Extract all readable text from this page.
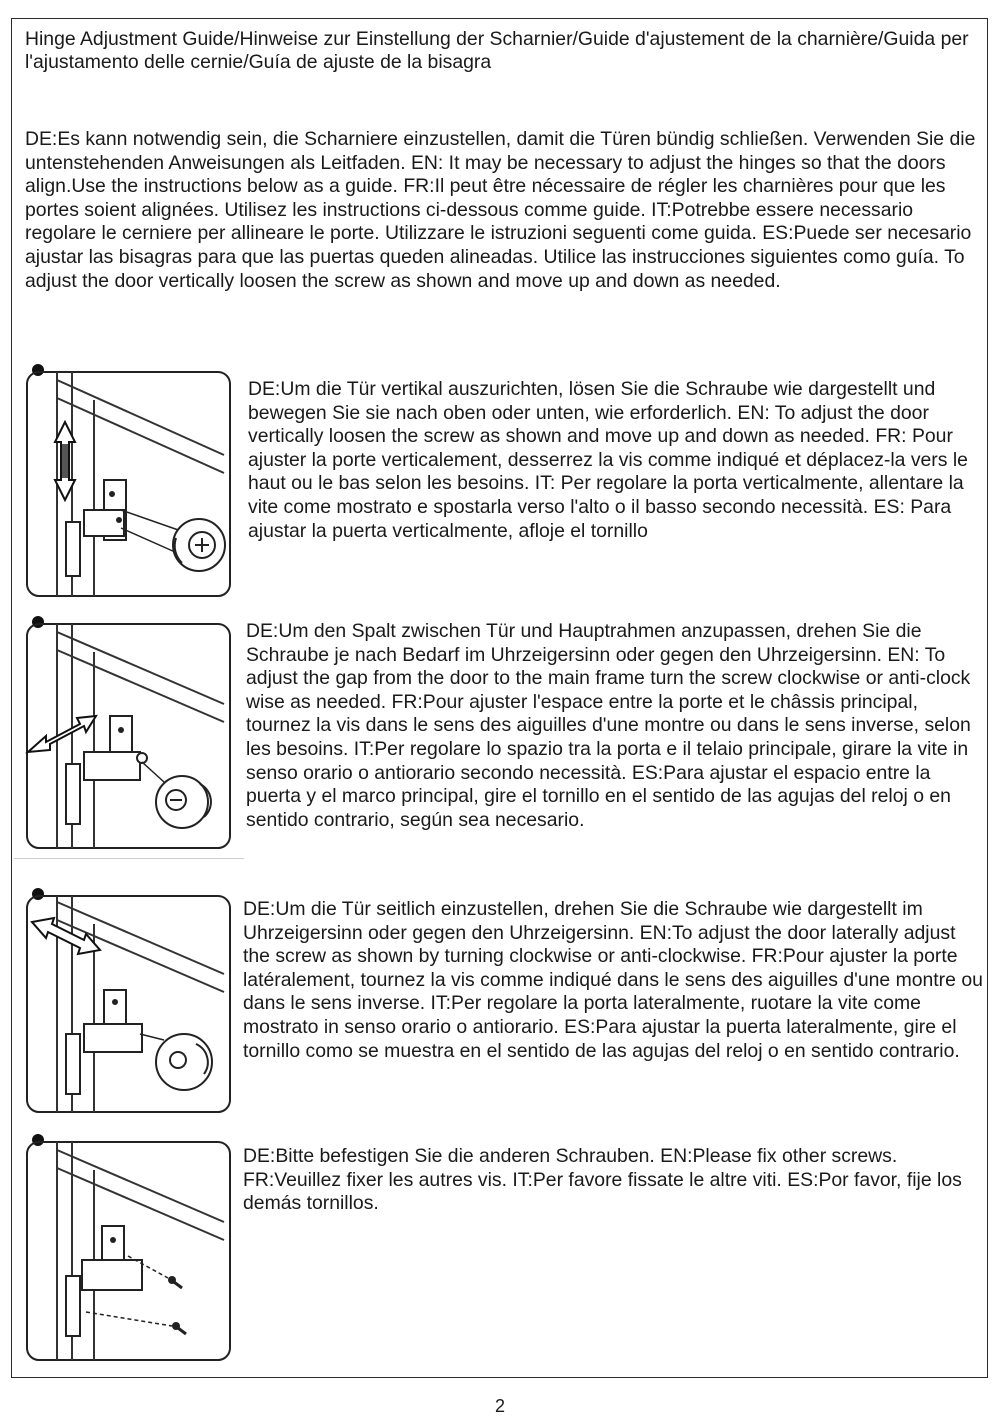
Hinge Adjustment Guide/Hinweise zur Einstellung der Scharnier/Guide d'ajustement de la charnière/Guida per l'ajustamento delle cernie/Guía de ajuste de la bisagra
DE:Es kann notwendig sein, die Scharniere einzustellen, damit die Türen bündig schließen. Verwenden Sie die untenstehenden Anweisungen als Leitfaden. EN: It may be necessary to adjust the hinges so that the doors align.Use the instructions below as a guide. FR:Il peut être nécessaire de régler les charnières pour que les portes soient alignées. Utilisez les instructions ci-dessous comme guide. IT:Potrebbe essere necessario regolare le cerniere per allineare le porte. Utilizzare le istruzioni seguenti come guida. ES:Puede ser necesario ajustar las bisagras para que las puertas queden alineadas. Utilice las instrucciones siguientes como guía. To adjust the door vertically loosen the screw as shown and move up and down as needed.
DE:Um die Tür vertikal auszurichten, lösen Sie die Schraube wie dargestellt und bewegen Sie sie nach oben oder unten, wie erforderlich. EN: To adjust the door vertically loosen the screw as shown and move up and down as needed. FR: Pour ajuster la porte verticalement, desserrez la vis comme indiqué et déplacez-la vers le haut ou le bas selon les besoins. IT: Per regolare la porta verticalmente, allentare la vite come mostrato e spostarla verso l'alto o il basso secondo necessità. ES: Para ajustar la puerta verticalmente, afloje el tornillo
DE:Um den Spalt zwischen Tür und Hauptrahmen anzupassen, drehen Sie die Schraube je nach Bedarf im Uhrzeigersinn oder gegen den Uhrzeigersinn. EN: To adjust the gap from the door to the main frame turn the screw clockwise or anti-clock wise as needed. FR:Pour ajuster l'espace entre la porte et le châssis principal, tournez la vis dans le sens des aiguilles d'une montre ou dans le sens inverse, selon les besoins. IT:Per regolare lo spazio tra la porta e il telaio principale, girare la vite in senso orario o antiorario secondo necessità. ES:Para ajustar el espacio entre la puerta y el marco principal, gire el tornillo en el sentido de las agujas del reloj o en sentido contrario, según sea necesario.
DE:Um die Tür seitlich einzustellen, drehen Sie die Schraube wie dargestellt im Uhrzeigersinn oder gegen den Uhrzeigersinn. EN:To adjust the door laterally adjust the screw as shown by turning clockwise or anti-clockwise. FR:Pour ajuster la porte latéralement, tournez la vis comme indiqué dans le sens des aiguilles d'une montre ou dans le sens inverse. IT:Per regolare la porta lateralmente, ruotare la vite come mostrato in senso orario o antiorario. ES:Para ajustar la puerta lateralmente, gire el tornillo como se muestra en el sentido de las agujas del reloj o en sentido contrario.
DE:Bitte befestigen Sie die anderen Schrauben. EN:Please fix other screws. FR:Veuillez fixer les autres vis. IT:Per favore fissate le altre viti. ES:Por favor, fije los demás tornillos.
2
